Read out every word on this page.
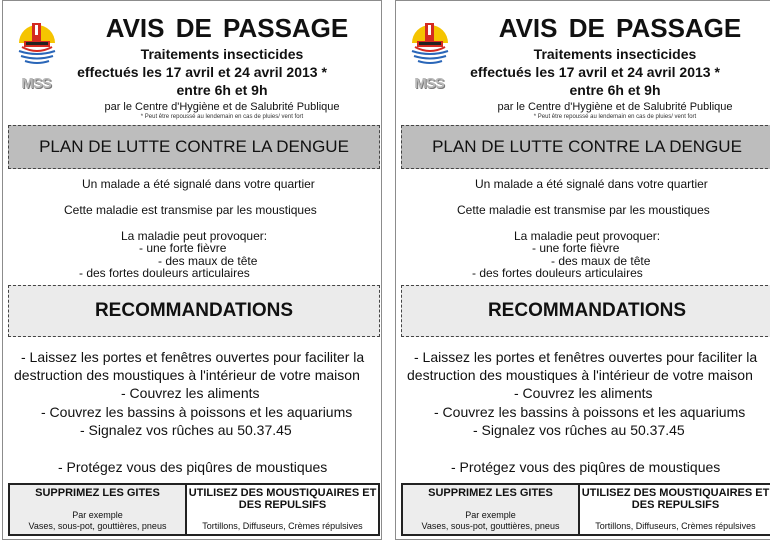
MSS
AVIS DE PASSAGE
Traitements insecticides
effectués les 17 avril et 24 avril 2013 *
entre 6h et 9h
par le Centre d'Hygiène et de Salubrité Publique
* Peut être repoussé au lendemain en cas de pluies/ vent fort
PLAN DE LUTTE CONTRE LA DENGUE
Un malade a été signalé dans votre quartier
Cette maladie est transmise par les moustiques
La maladie peut provoquer:
- une forte fièvre
- des maux de tête
- des fortes douleurs articulaires
RECOMMANDATIONS
- Laissez les portes et fenêtres ouvertes pour faciliter la
destruction des moustiques à l'intérieur de votre maison
- Couvrez les aliments
- Couvrez les bassins à poissons et les aquariums
- Signalez vos rûches au 50.37.45
- Protégez vous des piqûres de moustiques
SUPPRIMEZ LES GITES
Par exemple
Vases, sous-pot, gouttières, pneus
UTILISEZ DES MOUSTIQUAIRES ET DES REPULSIFS
Tortillons, Diffuseurs, Crèmes répulsives
MSS
AVIS DE PASSAGE
Traitements insecticides
effectués les 17 avril et 24 avril 2013 *
entre 6h et 9h
par le Centre d'Hygiène et de Salubrité Publique
* Peut être repoussé au lendemain en cas de pluies/ vent fort
PLAN DE LUTTE CONTRE LA DENGUE
Un malade a été signalé dans votre quartier
Cette maladie est transmise par les moustiques
La maladie peut provoquer:
- une forte fièvre
- des maux de tête
- des fortes douleurs articulaires
RECOMMANDATIONS
- Laissez les portes et fenêtres ouvertes pour faciliter la
destruction des moustiques à l'intérieur de votre maison
- Couvrez les aliments
- Couvrez les bassins à poissons et les aquariums
- Signalez vos rûches au 50.37.45
- Protégez vous des piqûres de moustiques
SUPPRIMEZ LES GITES
Par exemple
Vases, sous-pot, gouttières, pneus
UTILISEZ DES MOUSTIQUAIRES ET DES REPULSIFS
Tortillons, Diffuseurs, Crèmes répulsives
